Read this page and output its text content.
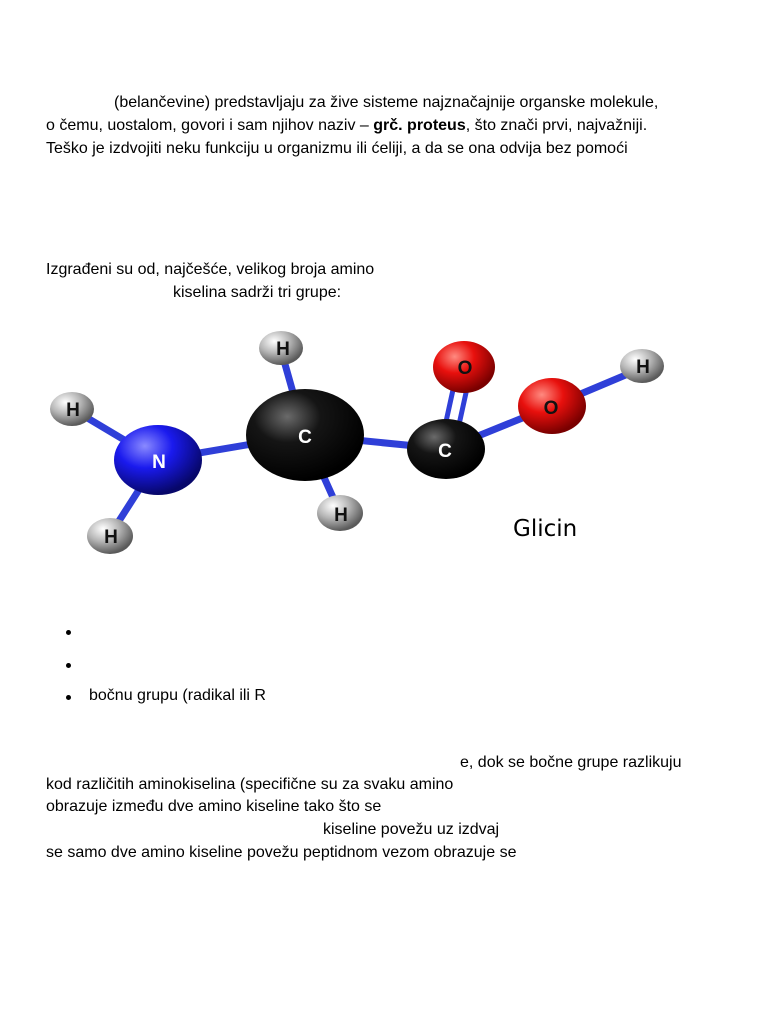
(belančevine) predstavljaju za žive sisteme najznačajnije organske molekule,
o čemu, uostalom, govori i sam njihov naziv – grč. proteus, što znači prvi, najvažniji.
Teško je izdvojiti neku funkciju u organizmu ili ćeliji, a da se ona odvija bez pomoći
Izgrađeni su od, najčešće, velikog broja amino
kiselina sadrži tri grupe:
H
O	H
H	O
C
C
N
H
H	Glicin
bočnu grupu (radikal ili R
e, dok se bočne grupe razlikuju
kod različitih aminokiselina (specifične su za svaku amino
obrazuje između dve amino kiseline tako što se
kiseline povežu uz izdvaj
se samo dve amino kiseline povežu peptidnom vezom obrazuje se
